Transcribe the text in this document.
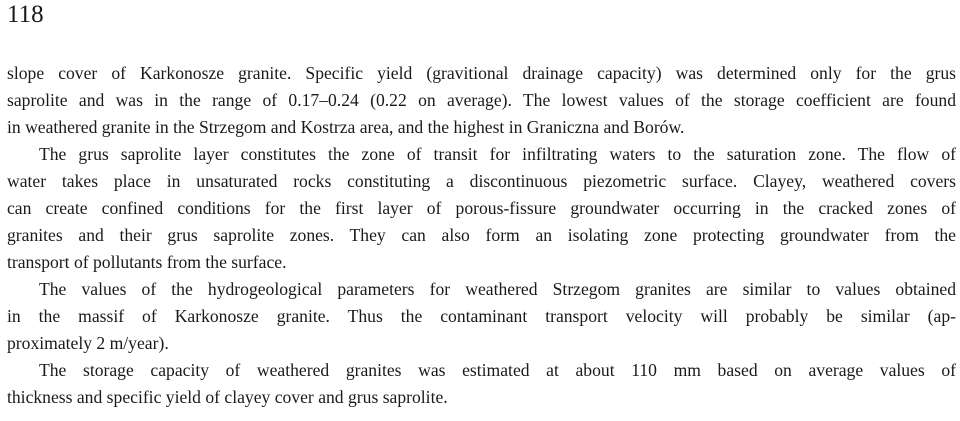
118
slope cover of Karkonosze granite. Specific yield (gravitional drainage capacity) was determined only for the grus
saprolite and was in the range of 0.17–0.24 (0.22 on average). The lowest values of the storage coefficient are found
in weathered granite in the Strzegom and Kostrza area, and the highest in Graniczna and Borów.
The grus saprolite layer constitutes the zone of transit for infiltrating waters to the saturation zone. The flow of
water takes place in unsaturated rocks constituting a discontinuous piezometric surface. Clayey, weathered covers
can create confined conditions for the first layer of porous-fissure groundwater occurring in the cracked zones of
granites and their grus saprolite zones. They can also form an isolating zone protecting groundwater from the
transport of pollutants from the surface.
The values of the hydrogeological parameters for weathered Strzegom granites are similar to values obtained
in the massif of Karkonosze granite. Thus the contaminant transport velocity will probably be similar (ap-
proximately 2 m/year).
The storage capacity of weathered granites was estimated at about 110 mm based on average values of
thickness and specific yield of clayey cover and grus saprolite.
